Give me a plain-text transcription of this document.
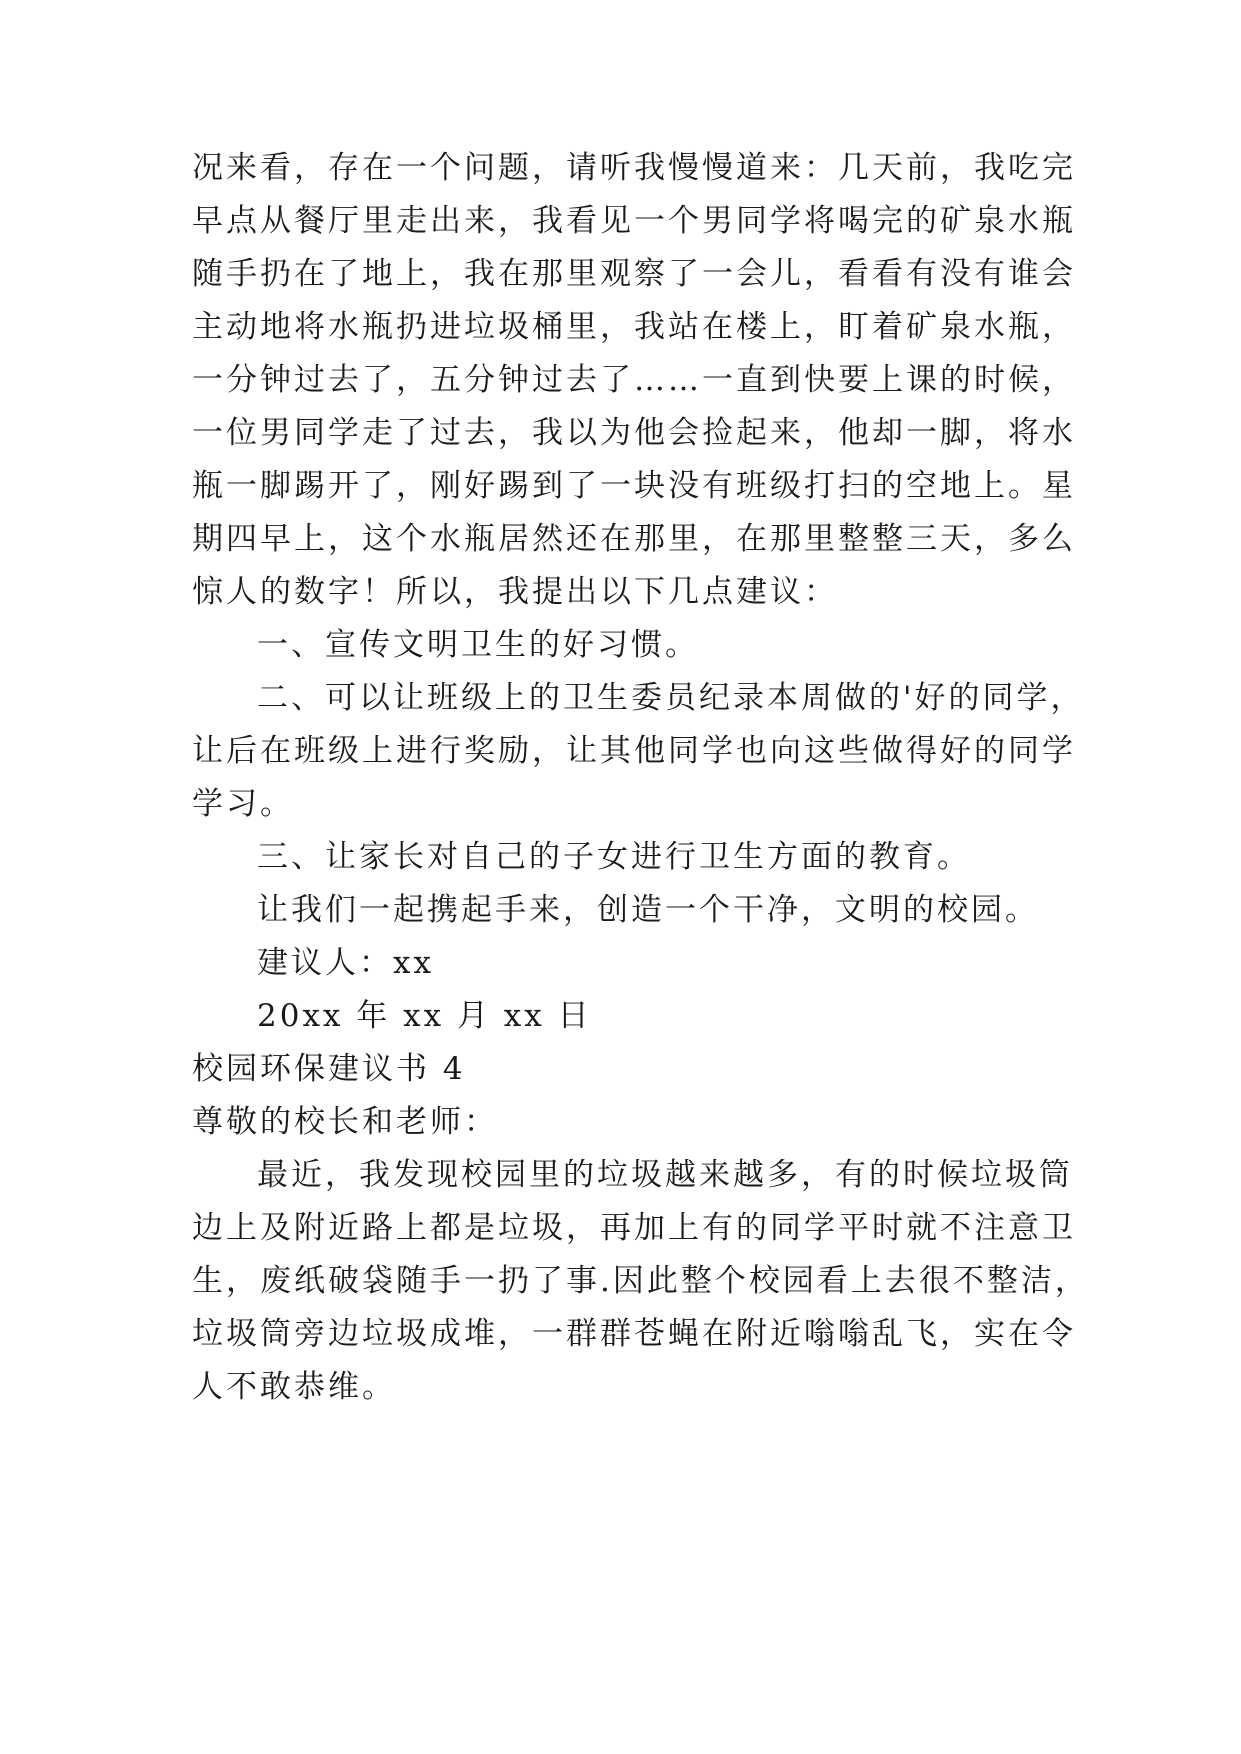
况来看，存在一个问题，请听我慢慢道来：几天前，我吃完
早点从餐厅里走出来，我看见一个男同学将喝完的矿泉水瓶
随手扔在了地上，我在那里观察了一会儿，看看有没有谁会
主动地将水瓶扔进垃圾桶里，我站在楼上，盯着矿泉水瓶，
一分钟过去了，五分钟过去了……一直到快要上课的时候，
一位男同学走了过去，我以为他会捡起来，他却一脚，将水
瓶一脚踢开了，刚好踢到了一块没有班级打扫的空地上。星
期四早上，这个水瓶居然还在那里，在那里整整三天，多么
惊人的数字！所以，我提出以下几点建议：
一、宣传文明卫生的好习惯。
二、可以让班级上的卫生委员纪录本周做的'好的同学，
让后在班级上进行奖励，让其他同学也向这些做得好的同学
学习。
三、让家长对自己的子女进行卫生方面的教育。
让我们一起携起手来，创造一个干净，文明的校园。
建议人：xx
20xx 年 xx 月 xx 日
校园环保建议书 4
尊敬的校长和老师：
最近，我发现校园里的垃圾越来越多，有的时候垃圾筒
边上及附近路上都是垃圾，再加上有的同学平时就不注意卫
生，废纸破袋随手一扔了事.因此整个校园看上去很不整洁，
垃圾筒旁边垃圾成堆，一群群苍蝇在附近嗡嗡乱飞，实在令
人不敢恭维。
